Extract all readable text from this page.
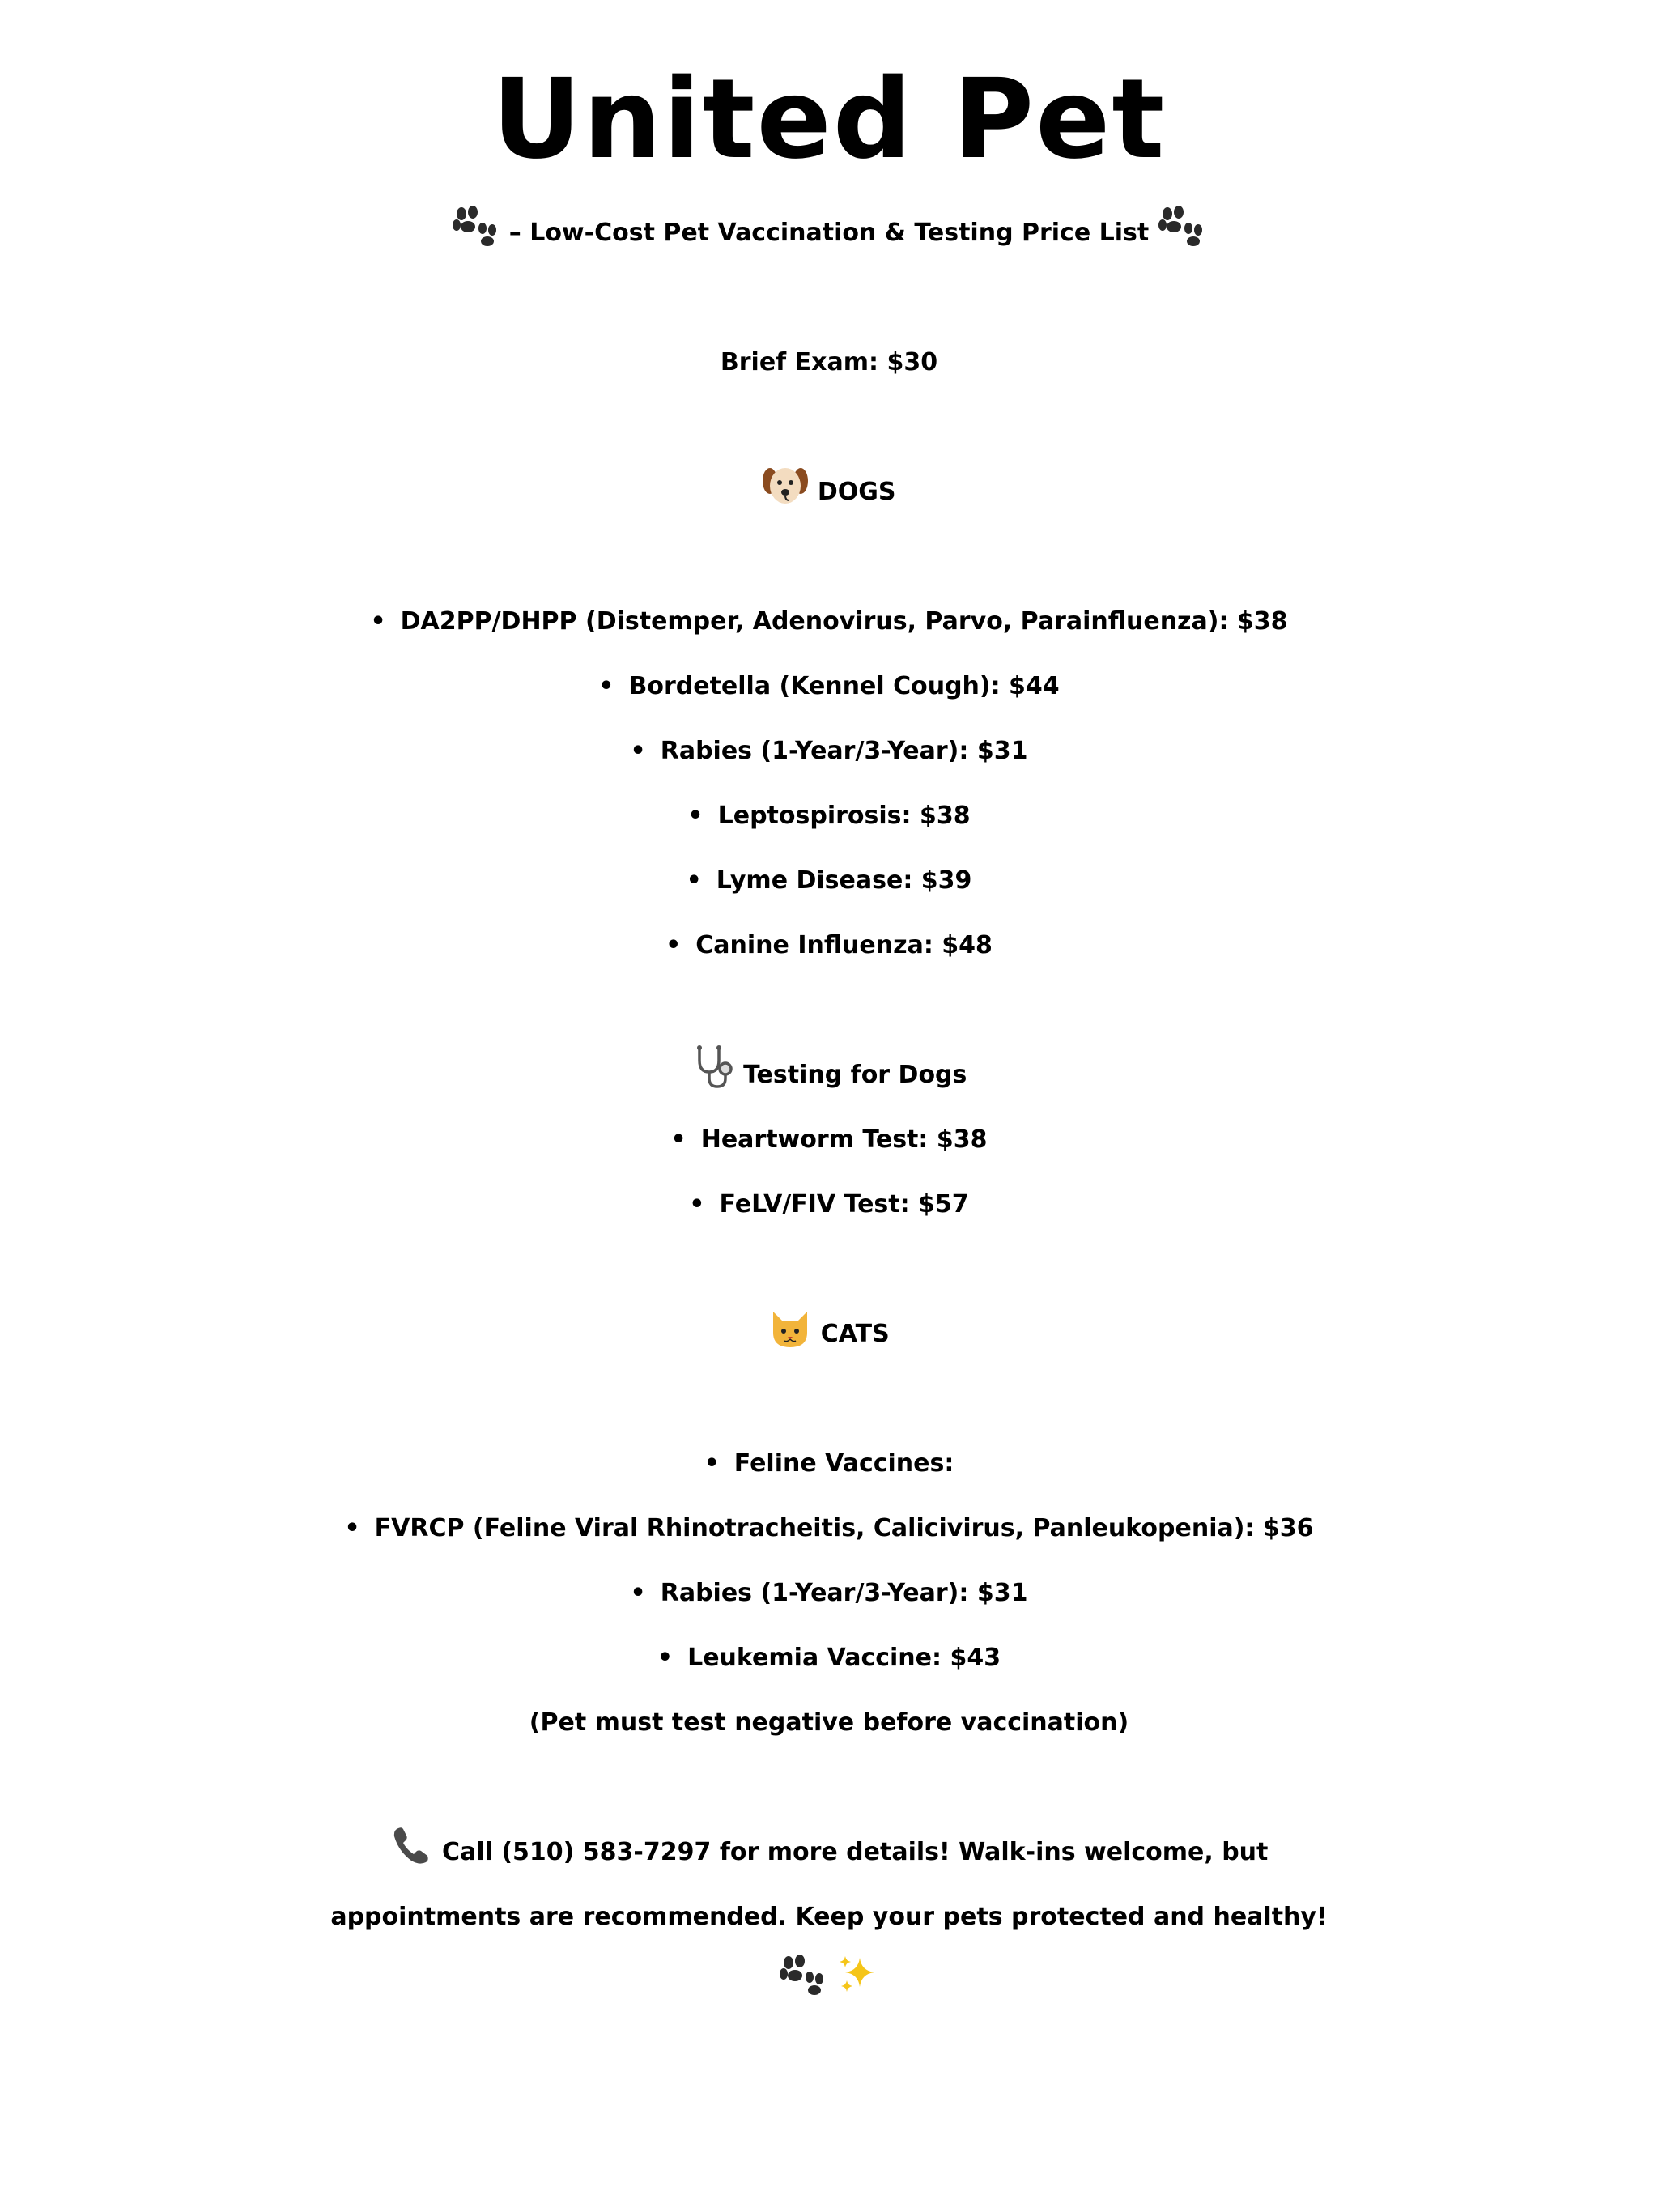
United Pet
– Low-Cost Pet Vaccination & Testing Price List
Brief Exam: $30
DOGS
• DA2PP/DHPP (Distemper, Adenovirus, Parvo, Parainfluenza): $38
• Bordetella (Kennel Cough): $44
• Rabies (1-Year/3-Year): $31
• Leptospirosis: $38
• Lyme Disease: $39
• Canine Influenza: $48
Testing for Dogs
• Heartworm Test: $38
• FeLV/FIV Test: $57
CATS
• Feline Vaccines:
• FVRCP (Feline Viral Rhinotracheitis, Calicivirus, Panleukopenia): $36
• Rabies (1-Year/3-Year): $31
• Leukemia Vaccine: $43
(Pet must test negative before vaccination)
Call (510) 583-7297 for more details! Walk-ins welcome, but
appointments are recommended. Keep your pets protected and healthy!
